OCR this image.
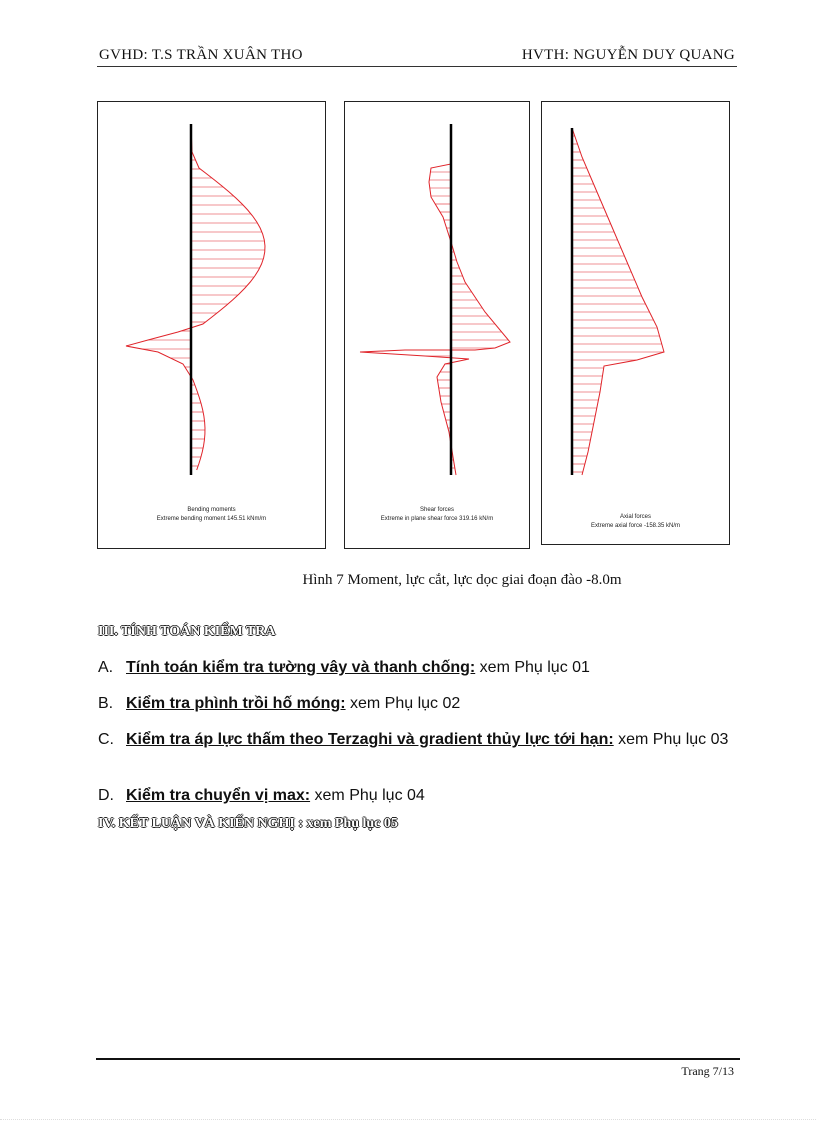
GVHD: T.S TRẦN XUÂN THO	HVTH: NGUYỄN DUY QUANG
Bending moments
Extreme bending moment 145.51 kNm/m
Shear forces
Extreme in plane shear force 319.16 kN/m	Axial forces
Extreme axial force -158.35 kN/m
Hình 7 Moment, lực cắt, lực dọc giai đoạn đào -8.0m
III. TÍNH TOÁN KIỂM TRA
A. Tính toán kiểm tra tường vây và thanh chống: xem Phụ lục 01
B. Kiểm tra phình trồi hố móng: xem Phụ lục 02
C. Kiểm tra áp lực thấm theo Terzaghi và gradient thủy lực tới hạn: xem Phụ lục 03
D. Kiểm tra chuyển vị max: xem Phụ lục 04
IV. KẾT LUẬN VÀ KIẾN NGHỊ : xem Phụ lục 05
Trang 7/13
